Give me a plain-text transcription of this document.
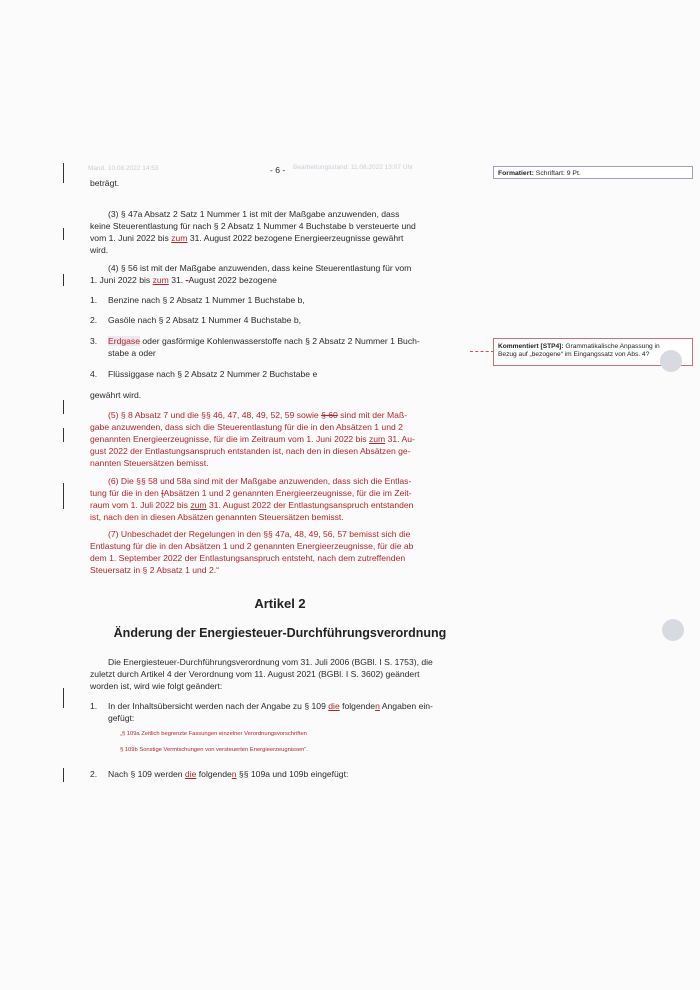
Mand. 10.08.2022 14:53	- 6 - Bearbeitungsstand: 11.08.2022 13:07 Uhr
Formatiert: Schriftart: 9 Pt.
Kommentiert [STP4]: Grammatikalische Anpassung in
Bezug auf „bezogene“ im Eingangssatz von Abs. 4?
beträgt.
(3) § 47a Absatz 2 Satz 1 Nummer 1 ist mit der Maßgabe anzuwenden, dass
keine Steuerentlastung für nach § 2 Absatz 1 Nummer 4 Buchstabe b versteuerte und
vom 1. Juni 2022 bis zum 31. August 2022 bezogene Energieerzeugnisse gewährt
wird.
(4) § 56 ist mit der Maßgabe anzuwenden, dass keine Steuerentlastung für vom
1. Juni 2022 bis zum 31. -August 2022 bezogene
1. Benzine nach § 2 Absatz 1 Nummer 1 Buchstabe b,
2. Gasöle nach § 2 Absatz 1 Nummer 4 Buchstabe b,
3. Erdgase oder gasförmige Kohlenwasserstoffe nach § 2 Absatz 2 Nummer 1 Buch-
stabe a oder
4. Flüssiggase nach § 2 Absatz 2 Nummer 2 Buchstabe e
gewährt wird.
(5) § 8 Absatz 7 und die §§ 46, 47, 48, 49, 52, 59 sowie § 60 sind mit der Maß-
gabe anzuwenden, dass sich die Steuerentlastung für die in den Absätzen 1 und 2
genannten Energieerzeugnisse, für die im Zeitraum vom 1. Juni 2022 bis zum 31. Au-
gust 2022 der Entlastungsanspruch entstanden ist, nach den in diesen Absätzen ge-
nannten Steuersätzen bemisst.
(6) Die §§ 58 und 58a sind mit der Maßgabe anzuwenden, dass sich die Entlas-
tung für die in den [Absätzen 1 und 2 genannten Energieerzeugnisse, für die im Zeit-
raum vom 1. Juli 2022 bis zum 31. August 2022 der Entlastungsanspruch entstanden
ist, nach den in diesen Absätzen genannten Steuersätzen bemisst.
(7) Unbeschadet der Regelungen in den §§ 47a, 48, 49, 56, 57 bemisst sich die
Entlastung für die in den Absätzen 1 und 2 genannten Energieerzeugnisse, für die ab
dem 1. September 2022 der Entlastungsanspruch entsteht, nach dem zutreffenden
Steuersatz in § 2 Absatz 1 und 2.“
Artikel 2
Änderung der Energiesteuer-Durchführungsverordnung
Die Energiesteuer-Durchführungsverordnung vom 31. Juli 2006 (BGBl. I S. 1753), die
zuletzt durch Artikel 4 der Verordnung vom 11. August 2021 (BGBl. I S. 3602) geändert
worden ist, wird wie folgt geändert:
1. In der Inhaltsübersicht werden nach der Angabe zu § 109 die folgenden Angaben ein-
gefügt:
„§ 109a Zeitlich begrenzte Fassungen einzelner Verordnungsvorschriften
§ 109b Sonstige Vermischungen von versteuerten Energieerzeugnissen“.
2. Nach § 109 werden die folgenden §§ 109a und 109b eingefügt:
